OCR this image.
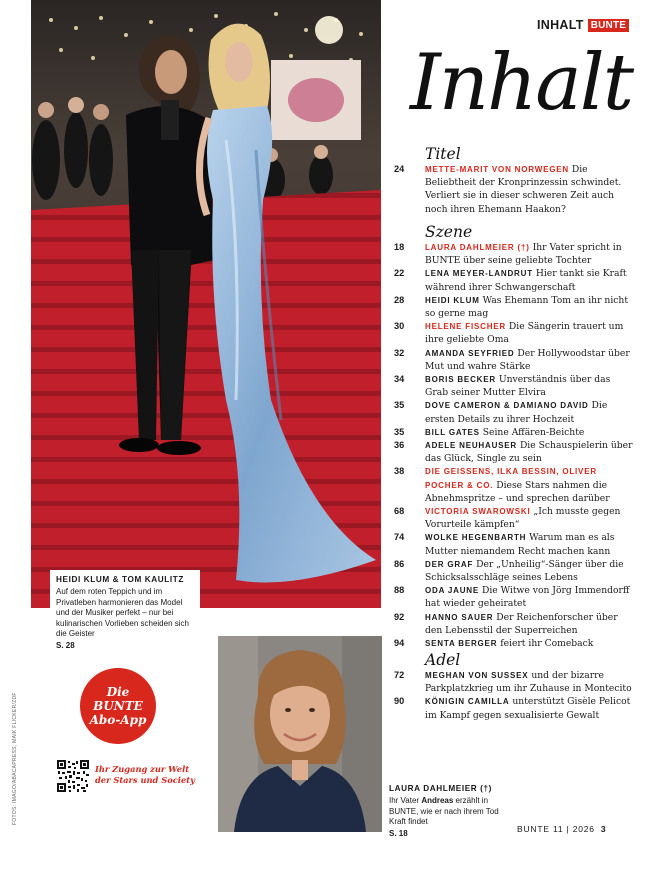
INHALT BUNTE
Inhalt
HEIDI KLUM & TOM KAULITZ
Auf dem roten Teppich und im Privatleben harmonieren das Model und der Musiker perfekt – nur bei kulinarischen Vorlieben scheiden sich die Geister
S. 28
Die
BUNTE
Abo-App
Ihr Zugang zur Welt der Stars und Society
FOTOS: IMAGO/ABACAPRESS, MAIK FLICKER/ZDF	LAURA DAHLMEIER (†)
Ihr Vater Andreas erzählt in BUNTE, wie er nach ihrem Tod Kraft findet
S. 18
Titel
24	METTE-MARIT VON NORWEGEN Die Beliebtheit der Kronprinzessin schwindet. Verliert sie in dieser schweren Zeit auch noch ihren Ehemann Haakon?
Szene
18	LAURA DAHLMEIER (†) Ihr Vater spricht in BUNTE über seine geliebte Tochter
22	LENA MEYER-LANDRUT Hier tankt sie Kraft während ihrer Schwangerschaft
28	HEIDI KLUM Was Ehemann Tom an ihr nicht so gerne mag
30	HELENE FISCHER Die Sängerin trauert um ihre geliebte Oma
32	AMANDA SEYFRIED Der Hollywoodstar über Mut und wahre Stärke
34	BORIS BECKER Unverständnis über das Grab seiner Mutter Elvira
35	DOVE CAMERON & DAMIANO DAVID Die ersten Details zu ihrer Hochzeit
35	BILL GATES Seine Affären-Beichte
36	ADELE NEUHAUSER Die Schauspielerin über das Glück, Single zu sein
38	DIE GEISSENS, ILKA BESSIN, OLIVER POCHER & CO. Diese Stars nahmen die Abnehmspritze – und sprechen darüber
68	VICTORIA SWAROWSKI „Ich musste gegen Vorurteile kämpfen“
74	WOLKE HEGENBARTH Warum man es als Mutter niemandem Recht machen kann
86	DER GRAF Der „Unheilig“-Sänger über die Schicksalsschläge seines Lebens
88	ODA JAUNE Die Witwe von Jörg Immendorff hat wieder geheiratet
92	HANNO SAUER Der Reichenforscher über den Lebensstil der Superreichen
94	SENTA BERGER feiert ihr Comeback
Adel
72	MEGHAN VON SUSSEX und der bizarre Parkplatzkrieg um ihr Zuhause in Montecito
90	KÖNIGIN CAMILLA unterstützt Gisèle Pelicot im Kampf gegen sexualisierte Gewalt
BUNTE 11 | 2026 3
